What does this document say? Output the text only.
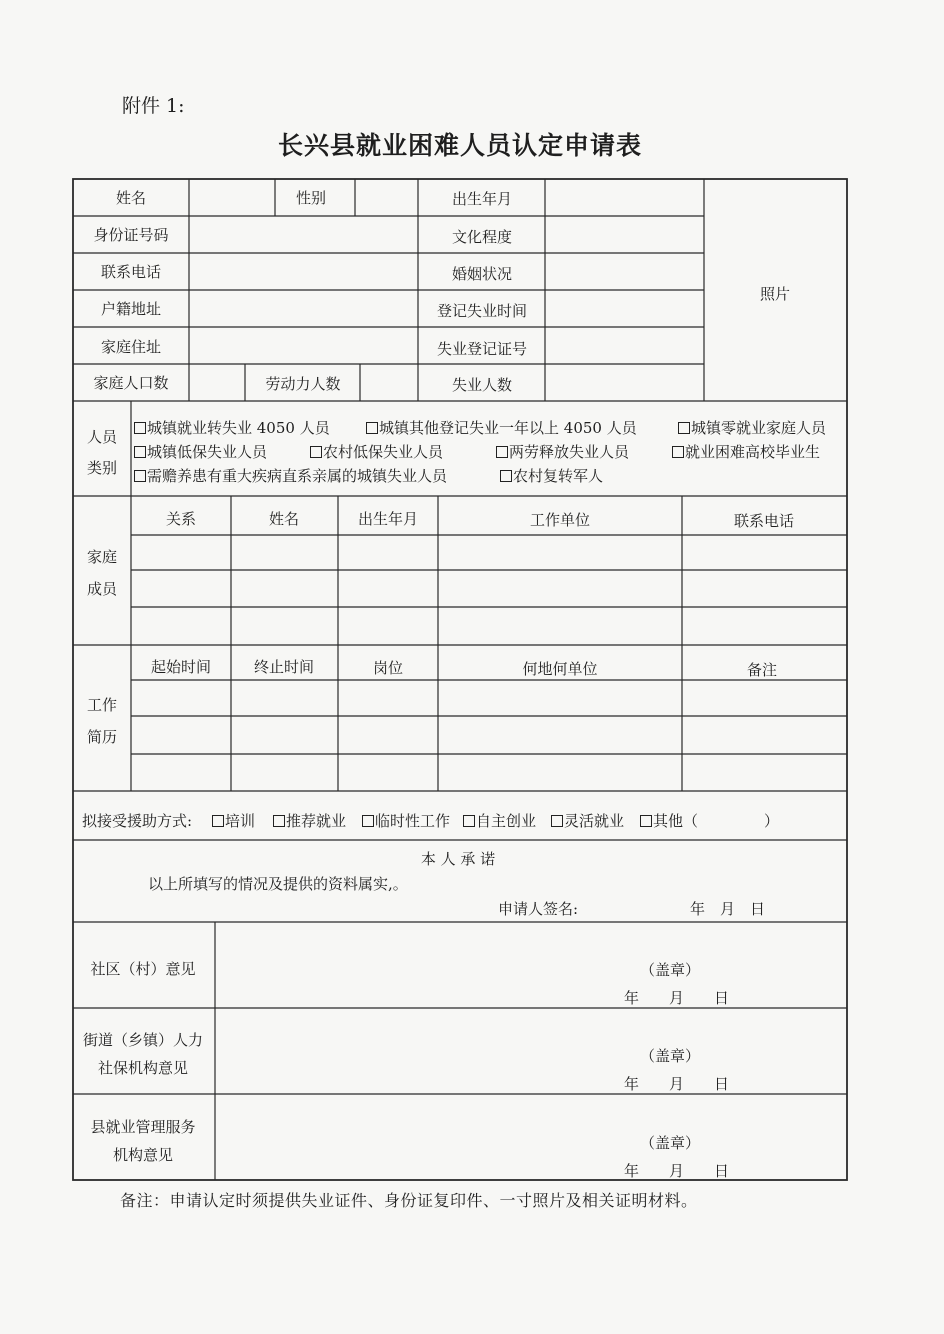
附件 1:
长兴县就业困难人员认定申请表
姓名	性别	出生年月
身份证号码	文化程度
联系电话	婚姻状况
户籍地址	登记失业时间
家庭住址	失业登记证号
家庭人口数	劳动力人数	失业人数
照片
人员
类别
城镇就业转失业 4050 人员	城镇其他登记失业一年以上 4050 人员	城镇零就业家庭人员
城镇低保失业人员	农村低保失业人员	两劳释放失业人员	就业困难高校毕业生
需赡养患有重大疾病直系亲属的城镇失业人员	农村复转军人
家庭
成员
关系	姓名	出生年月	工作单位	联系电话
工作
简历
起始时间	终止时间	岗位	何地何单位	备注
拟接受援助方式:	培训	推荐就业	临时性工作	自主创业	灵活就业	其他（	）
本 人 承 诺
以上所填写的情况及提供的资料属实,。
申请人签名:	年　月　日
社区（村）意见	（盖章）
年　　月　　日
街道（乡镇）人力
社保机构意见
（盖章）
年　　月　　日
县就业管理服务
机构意见
（盖章）
年　　月　　日
备注：申请认定时须提供失业证件、身份证复印件、一寸照片及相关证明材料。
